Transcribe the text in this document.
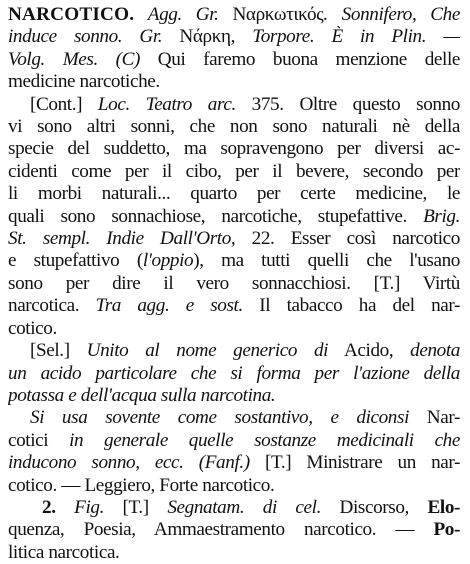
NARCOTICO. Agg. Gr. Ναρκωτικός. Sonnifero, Che
induce sonno. Gr. Νάρκη, Torpore. È in Plin. —
Volg. Mes. (C) Qui faremo buona menzione delle
medicine narcotiche.
[Cont.] Loc. Teatro arc. 375. Oltre questo sonno
vi sono altri sonni, che non sono naturali nè della
specie del suddetto, ma sopravengono per diversi ac-
cidenti come per il cibo, per il bevere, secondo per
li morbi naturali... quarto per certe medicine, le
quali sono sonnachiose, narcotiche, stupefattive. Brig.
St. sempl. Indie Dall'Orto, 22. Esser così narcotico
e stupefattivo (l'oppio), ma tutti quelli che l'usano
sono per dire il vero sonnacchiosi. [T.] Virtù
narcotica. Tra agg. e sost. Il tabacco ha del nar-
cotico.
[Sel.] Unito al nome generico di Acido, denota
un acido particolare che si forma per l'azione della
potassa e dell'acqua sulla narcotina.
Si usa sovente come sostantivo, e diconsi Nar-
cotici in generale quelle sostanze medicinali che
inducono sonno, ecc. (Fanf.) [T.] Ministrare un nar-
cotico. — Leggiero, Forte narcotico.
2. Fig. [T.] Segnatam. di cel. Discorso, Elo-
quenza, Poesia, Ammaestramento narcotico. — Po-
litica narcotica.
